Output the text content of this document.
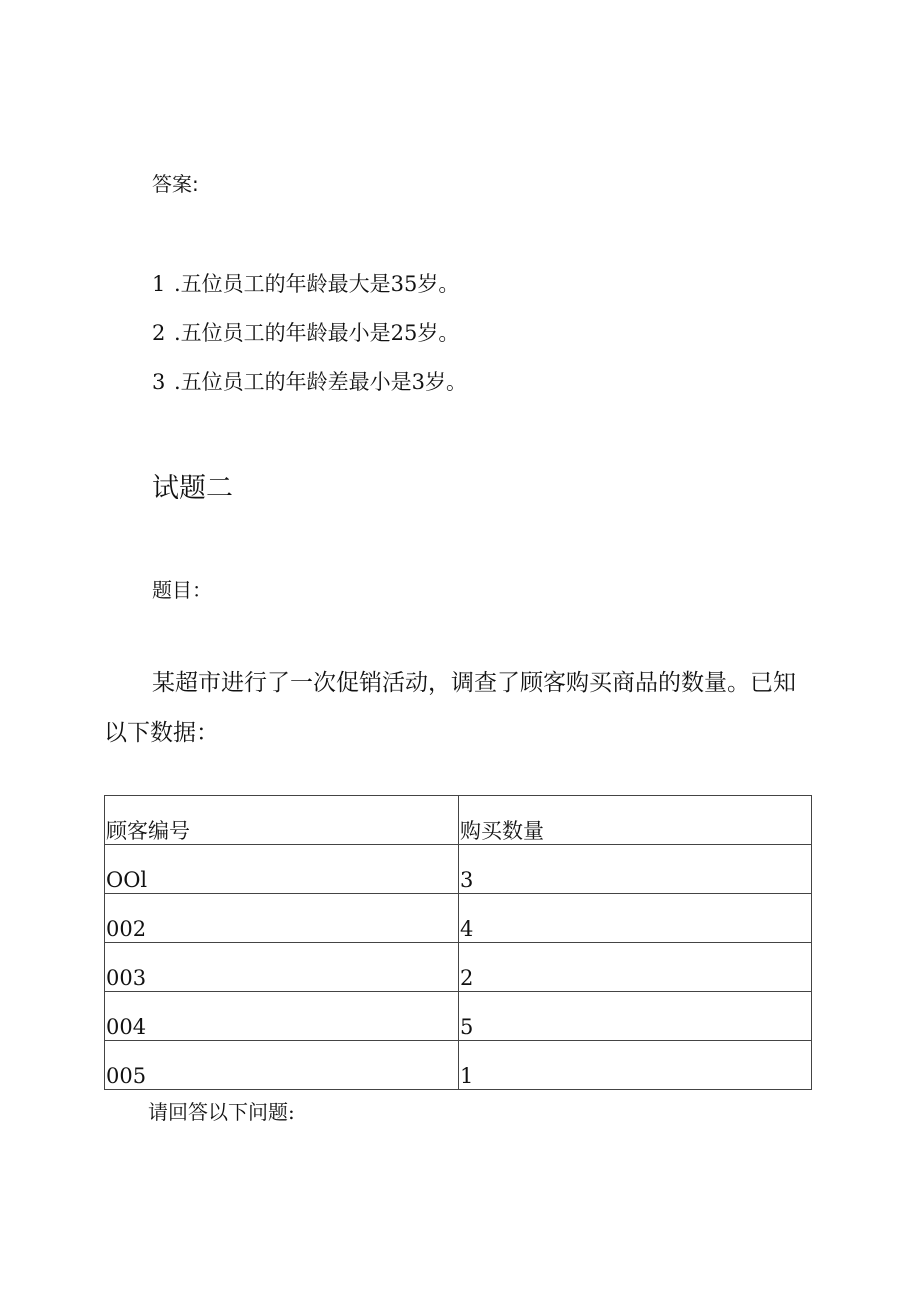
答案:
1 .五位员工的年龄最大是35岁。
2 .五位员工的年龄最小是25岁。
3 .五位员工的年龄差最小是3岁。
试题二
题目：
某超市进行了一次促销活动，调查了顾客购买商品的数量。已知
以下数据：
顾客编号	购买数量
OOl	3
002	4
003	2
004	5
005	1
请回答以下问题:
